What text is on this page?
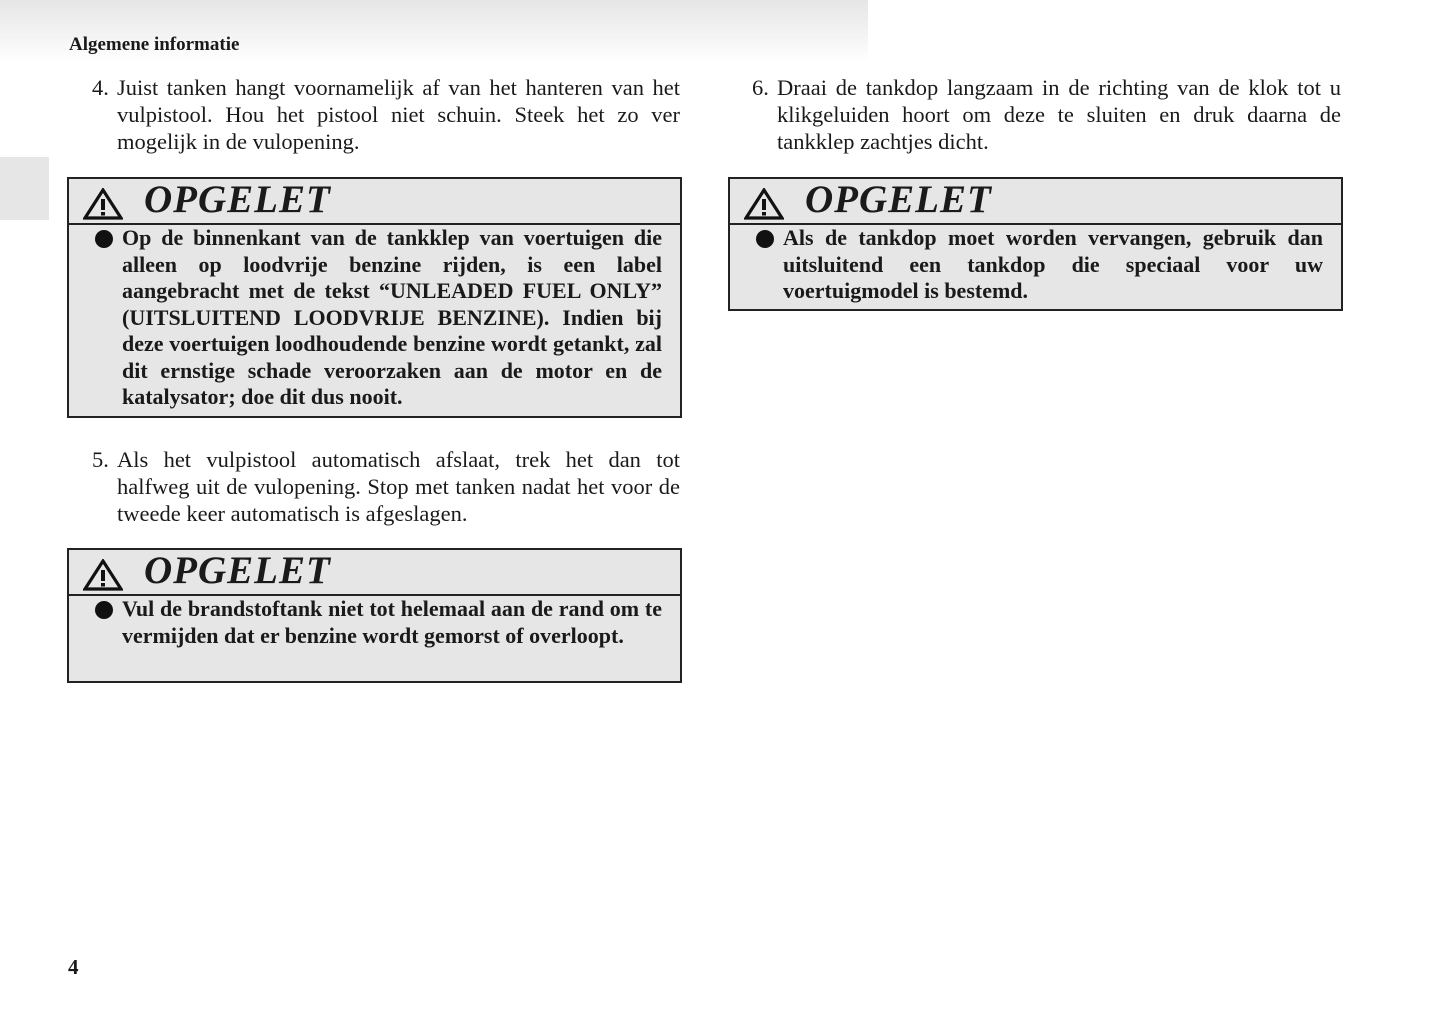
Algemene informatie
4. Juist tanken hangt voornamelijk af van het hanteren van het vulpistool. Hou het pistool niet schuin. Steek het zo ver mogelijk in de vulopening.
OPGELET
Op de binnenkant van de tankklep van voertuigen die alleen op loodvrije benzine rijden, is een label aangebracht met de tekst “UNLEADED FUEL ONLY” (UITSLUITEND LOODVRIJE BENZINE). Indien bij deze voertuigen loodhoudende benzine wordt getankt, zal dit ernstige schade veroorzaken aan de motor en de katalysator; doe dit dus nooit.
5. Als het vulpistool automatisch afslaat, trek het dan tot halfweg uit de vulopening. Stop met tanken nadat het voor de tweede keer automatisch is afgeslagen.
OPGELET
Vul de brandstoftank niet tot helemaal aan de rand om te vermijden dat er benzine wordt gemorst of overloopt.
6. Draai de tankdop langzaam in de richting van de klok tot u klikgeluiden hoort om deze te sluiten en druk daarna de tankklep zachtjes dicht.
OPGELET
Als de tankdop moet worden vervangen, gebruik dan uitsluitend een tankdop die speciaal voor uw voertuigmodel is bestemd.
4
